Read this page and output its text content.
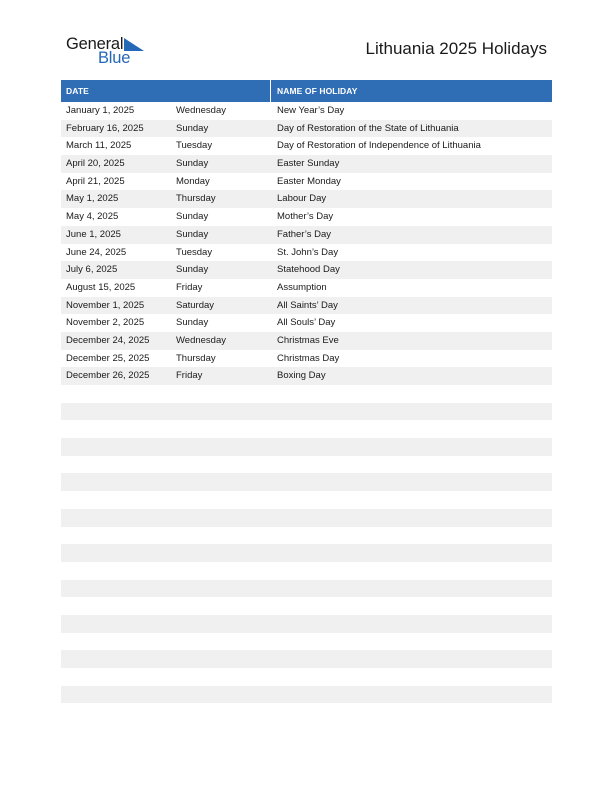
General
Blue	Lithuania 2025 Holidays
DATE	NAME OF HOLIDAY
January 1, 2025	Wednesday	New Year’s Day
February 16, 2025	Sunday	Day of Restoration of the State of Lithuania
March 11, 2025	Tuesday	Day of Restoration of Independence of Lithuania
April 20, 2025	Sunday	Easter Sunday
April 21, 2025	Monday	Easter Monday
May 1, 2025	Thursday	Labour Day
May 4, 2025	Sunday	Mother’s Day
June 1, 2025	Sunday	Father’s Day
June 24, 2025	Tuesday	St. John’s Day
July 6, 2025	Sunday	Statehood Day
August 15, 2025	Friday	Assumption
November 1, 2025	Saturday	All Saints’ Day
November 2, 2025	Sunday	All Souls’ Day
December 24, 2025	Wednesday	Christmas Eve
December 25, 2025	Thursday	Christmas Day
December 26, 2025	Friday	Boxing Day
